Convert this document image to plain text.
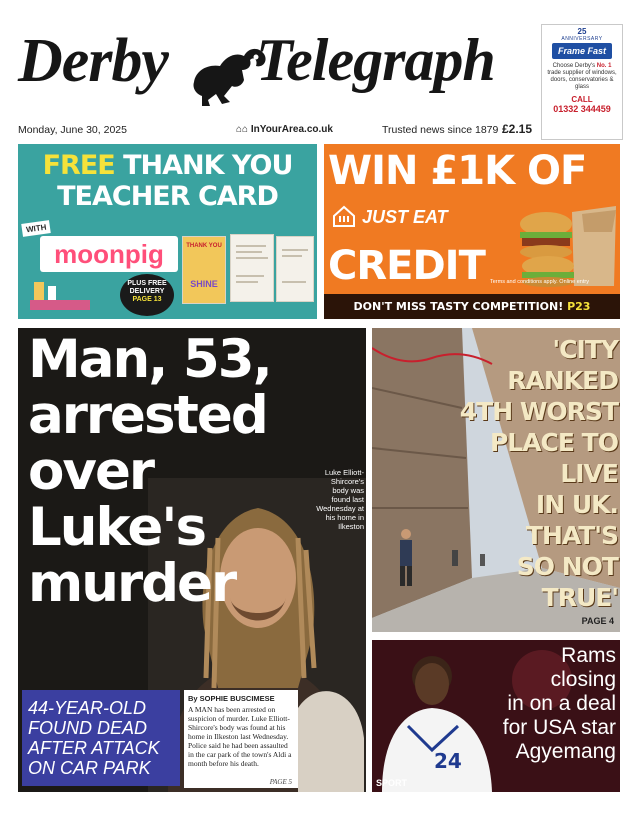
Derby Telegraph	25
ANNIVERSARY
Frame Fast
Choose Derby's No. 1 trade supplier of windows, doors, conservatories & glass
CALL
01332 344459
Monday, June 30, 2025	⌂⌂ InYourArea.co.uk	Trusted news since 1879 £2.15
FREE THANK YOU
TEACHER CARD
WITH
moonpig	THANK YOU
SHINE
PLUS FREE
DELIVERY
PAGE 13
WIN £1K OF
JUST EAT
CREDIT Terms and conditions apply. Online entry
DON'T MISS TASTY COMPETITION! P23
Man, 53,
arrested
over
Luke's
murder
Luke Elliott-Shircore's body was found last Wednesday at his home in Ilkeston
44-YEAR-OLD FOUND DEAD AFTER ATTACK ON CAR PARK
By SOPHIE BUSCIMESE
A MAN has been arrested on suspicion of murder. Luke Elliott-Shircore's body was found at his home in Ilkeston last Wednesday. Police said he had been assaulted in the car park of the town's Aldi a month before his death.
PAGE 5
'CITY RANKED
4TH WORST
PLACE TO LIVE
IN UK. THAT'S
SO NOT TRUE'
PAGE 4
24
Rams closing
in on a deal
for USA star
Agyemang
SPORT
